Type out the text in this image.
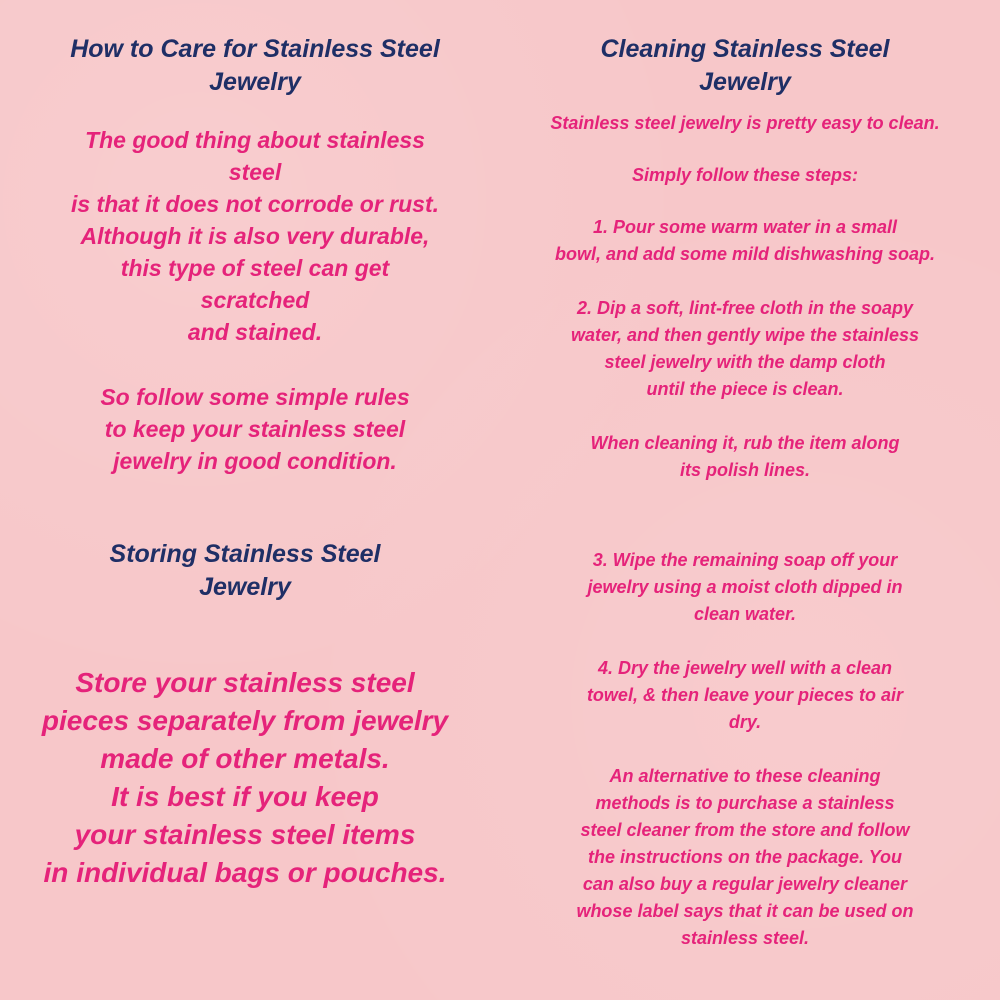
How to Care for Stainless Steel
Jewelry
The good thing about stainless
steel
is that it does not corrode or rust.
Although it is also very durable,
this type of steel can get
scratched
and stained.
So follow some simple rules
to keep your stainless steel
jewelry in good condition.
Storing Stainless Steel
Jewelry
Store your stainless steel
pieces separately from jewelry
made of other metals.
It is best if you keep
your stainless steel items
in individual bags or pouches.
Cleaning Stainless Steel
Jewelry
Stainless steel jewelry is pretty easy to clean.
Simply follow these steps:
1. Pour some warm water in a small
bowl, and add some mild dishwashing soap.
2. Dip a soft, lint-free cloth in the soapy
water, and then gently wipe the stainless
steel jewelry with the damp cloth
until the piece is clean.
When cleaning it, rub the item along
its polish lines.
3. Wipe the remaining soap off your
jewelry using a moist cloth dipped in
clean water.
4. Dry the jewelry well with a clean
towel, & then leave your pieces to air
dry.
An alternative to these cleaning
methods is to purchase a stainless
steel cleaner from the store and follow
the instructions on the package. You
can also buy a regular jewelry cleaner
whose label says that it can be used on
stainless steel.
